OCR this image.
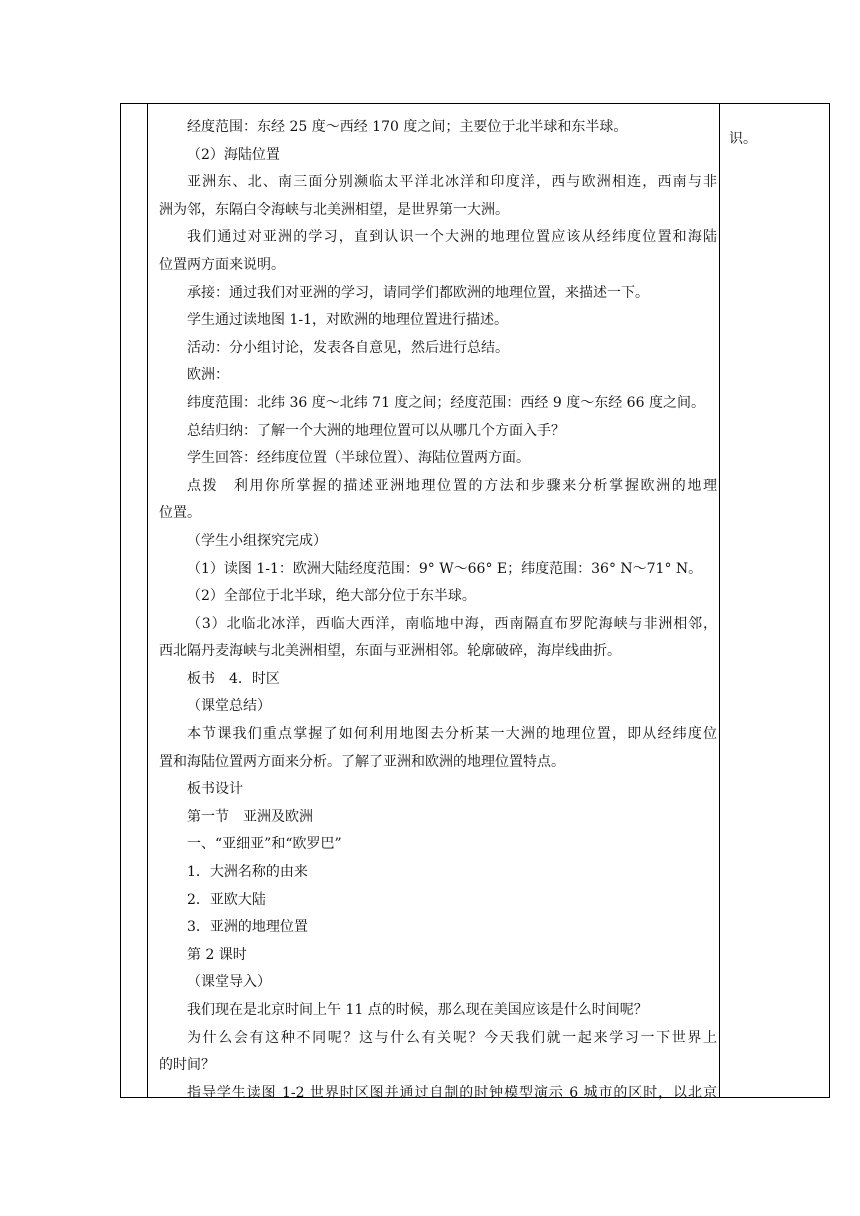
经度范围：东经 25 度～西经 170 度之间；主要位于北半球和东半球。
（2）海陆位置
亚洲东、北、南三面分别濒临太平洋北冰洋和印度洋，西与欧洲相连，西南与非
洲为邻，东隔白令海峡与北美洲相望，是世界第一大洲。
我们通过对亚洲的学习，直到认识一个大洲的地理位置应该从经纬度位置和海陆
位置两方面来说明。
承接：通过我们对亚洲的学习，请同学们都欧洲的地理位置，来描述一下。
学生通过读地图 1-1，对欧洲的地理位置进行描述。
活动：分小组讨论，发表各自意见，然后进行总结。
欧洲：
纬度范围：北纬 36 度～北纬 71 度之间；经度范围：西经 9 度～东经 66 度之间。
总结归纳：了解一个大洲的地理位置可以从哪几个方面入手？
学生回答：经纬度位置（半球位置）、海陆位置两方面。
点拨　利用你所掌握的描述亚洲地理位置的方法和步骤来分析掌握欧洲的地理
位置。
（学生小组探究完成）
（1）读图 1-1：欧洲大陆经度范围：9° W～66° E；纬度范围：36° N～71° N。
（2）全部位于北半球，绝大部分位于东半球。
（3）北临北冰洋，西临大西洋，南临地中海，西南隔直布罗陀海峡与非洲相邻，
西北隔丹麦海峡与北美洲相望，东面与亚洲相邻。轮廓破碎，海岸线曲折。
板书　4．时区
（课堂总结）
本节课我们重点掌握了如何利用地图去分析某一大洲的地理位置，即从经纬度位
置和海陆位置两方面来分析。了解了亚洲和欧洲的地理位置特点。
板书设计
第一节　亚洲及欧洲
一、“亚细亚”和“欧罗巴”
1．大洲名称的由来
2．亚欧大陆
3．亚洲的地理位置
第 2 课时
（课堂导入）
我们现在是北京时间上午 11 点的时候，那么现在美国应该是什么时间呢？
为什么会有这种不同呢？这与什么有关呢？今天我们就一起来学习一下世界上
的时间？
指导学生读图 1-2 世界时区图并通过自制的时钟模型演示 6 城市的区时，以北京
识。
